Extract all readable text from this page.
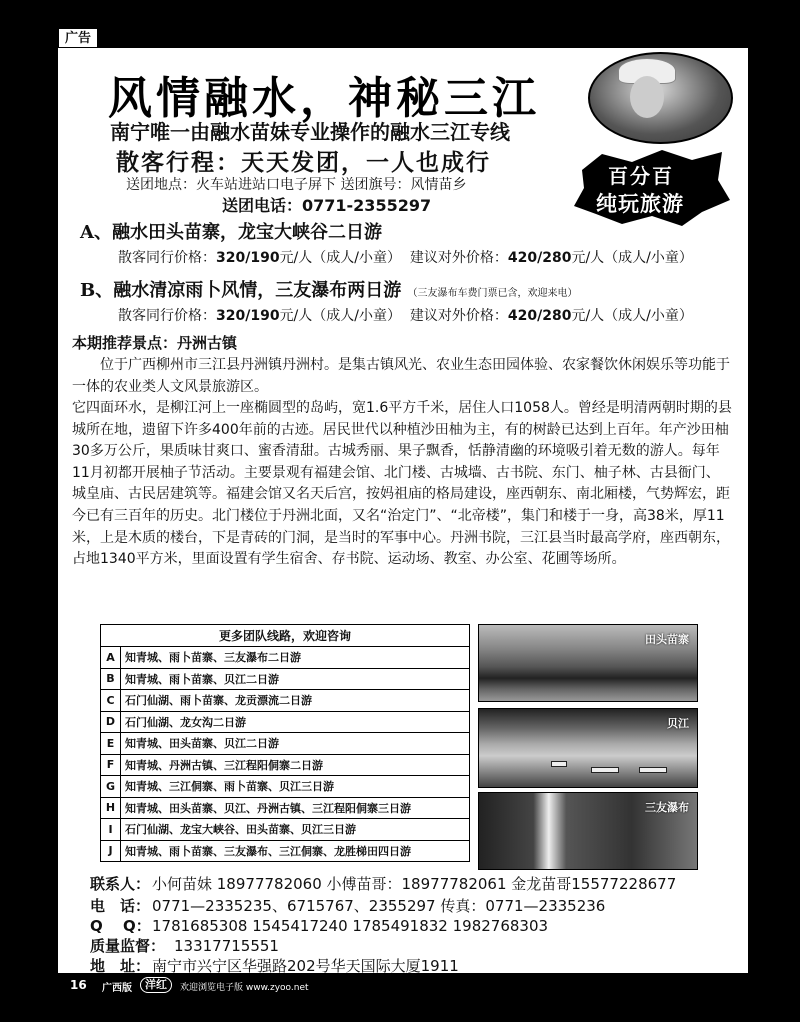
广告
风情融水，神秘三江
南宁唯一由融水苗妹专业操作的融水三江专线
散客行程：天天发团，一人也成行
送团地点：火车站进站口电子屏下 送团旗号：风情苗乡
送团电话：0771-2355297
百分百
纯玩旅游
A、融水田头苗寨，龙宝大峡谷二日游
散客同行价格：320/190元/人（成人/小童） 建议对外价格：420/280元/人（成人/小童）
B、融水清凉雨卜风情，三友瀑布两日游 （三友瀑布车费门票已含，欢迎来电）
散客同行价格：320/190元/人（成人/小童） 建议对外价格：420/280元/人（成人/小童）
本期推荐景点：丹洲古镇
　　位于广西柳州市三江县丹洲镇丹洲村。是集古镇风光、农业生态田园体验、农家餐饮休闲娱乐等功能于一体的农业类人文风景旅游区。
它四面环水，是柳江河上一座椭圆型的岛屿，宽1.6平方千米，居住人口1058人。曾经是明清两朝时期的县城所在地，遗留下许多400年前的古迹。居民世代以种植沙田柚为主，有的树龄已达到上百年。年产沙田柚30多万公斤，果质味甘爽口、蜜香清甜。古城秀丽、果子飘香，恬静清幽的环境吸引着无数的游人。每年11月初都开展柚子节活动。主要景观有福建会馆、北门楼、古城墙、古书院、东门、柚子林、古县衙门、城皇庙、古民居建筑等。福建会馆又名天后宫，按妈祖庙的格局建设，座西朝东、南北厢楼，气势辉宏，距今已有三百年的历史。北门楼位于丹洲北面，又名“治定门”、“北帝楼”，集门和楼于一身，高38米，厚11米，上是木质的楼台，下是青砖的门洞，是当时的军事中心。丹洲书院，三江县当时最高学府，座西朝东，占地1340平方米，里面设置有学生宿舍、存书院、运动场、教室、办公室、花圃等场所。
更多团队线路，欢迎咨询	
A	知青城、雨卜苗寨、三友瀑布二日游
B	知青城、雨卜苗寨、贝江二日游
C	石门仙湖、雨卜苗寨、龙贡漂流二日游
D	石门仙湖、龙女沟二日游
E	知青城、田头苗寨、贝江二日游
F	知青城、丹洲古镇、三江程阳侗寨二日游
G	知青城、三江侗寨、雨卜苗寨、贝江三日游
H	知青城、田头苗寨、贝江、丹洲古镇、三江程阳侗寨三日游
I	石门仙湖、龙宝大峡谷、田头苗寨、贝江三日游
J	知青城、雨卜苗寨、三友瀑布、三江侗寨、龙胜梯田四日游
田头苗寨
贝江
三友瀑布
联系人： 小何苗妹 18977782060 小傅苗哥：18977782061 金龙苗哥15577228677
电　话： 0771—2335235、6715767、2355297 传真：0771—2335236
Q　 Q：1781685308 1545417240 1785491832 1982768303
质量监督： 13317715551
地　址： 南宁市兴宁区华强路202号华天国际大厦1911
16 广西版	洋红	欢迎浏览电子版 www.zyoo.net
